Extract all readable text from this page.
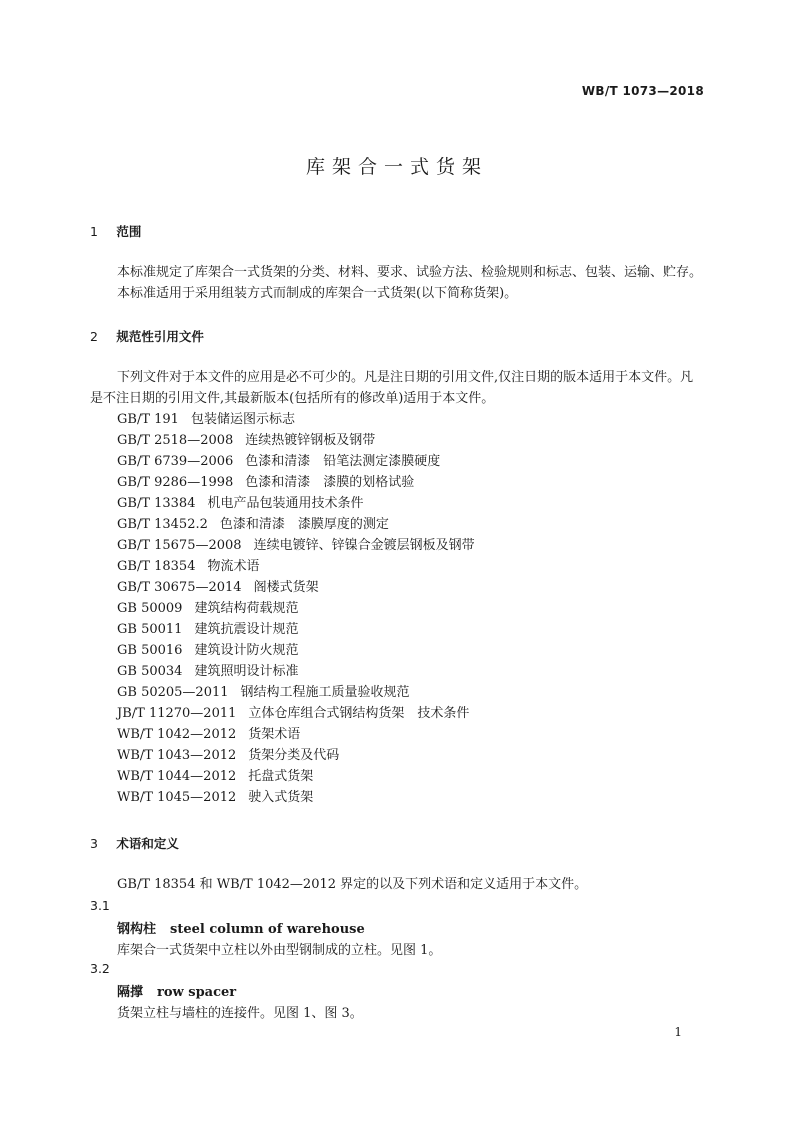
WB/T 1073—2018
库架合一式货架
1 范围

本标准规定了库架合一式货架的分类、材料、要求、试验方法、检验规则和标志、包装、运输、贮存。

本标准适用于采用组装方式而制成的库架合一式货架(以下简称货架)。

2 规范性引用文件

下列文件对于本文件的应用是必不可少的。凡是注日期的引用文件,仅注日期的版本适用于本文件。凡是不注日期的引用文件,其最新版本(包括所有的修改单)适用于本文件。

GB/T 191 包装储运图示标志
GB/T 2518—2008 连续热镀锌钢板及钢带
GB/T 6739—2006 色漆和清漆　铅笔法测定漆膜硬度
GB/T 9286—1998 色漆和清漆　漆膜的划格试验
GB/T 13384 机电产品包装通用技术条件
GB/T 13452.2 色漆和清漆　漆膜厚度的测定
GB/T 15675—2008 连续电镀锌、锌镍合金镀层钢板及钢带
GB/T 18354 物流术语
GB/T 30675—2014 阁楼式货架
GB 50009 建筑结构荷载规范
GB 50011 建筑抗震设计规范
GB 50016 建筑设计防火规范
GB 50034 建筑照明设计标准
GB 50205—2011 钢结构工程施工质量验收规范
JB/T 11270—2011 立体仓库组合式钢结构货架　技术条件
WB/T 1042—2012 货架术语
WB/T 1043—2012 货架分类及代码
WB/T 1044—2012 托盘式货架
WB/T 1045—2012 驶入式货架
3 术语和定义

GB/T 18354 和 WB/T 1042—2012 界定的以及下列术语和定义适用于本文件。

3.1
钢构柱 steel column of warehouse
库架合一式货架中立柱以外由型钢制成的立柱。见图 1。
3.2
隔撑 row spacer
货架立柱与墙柱的连接件。见图 1、图 3。
1
